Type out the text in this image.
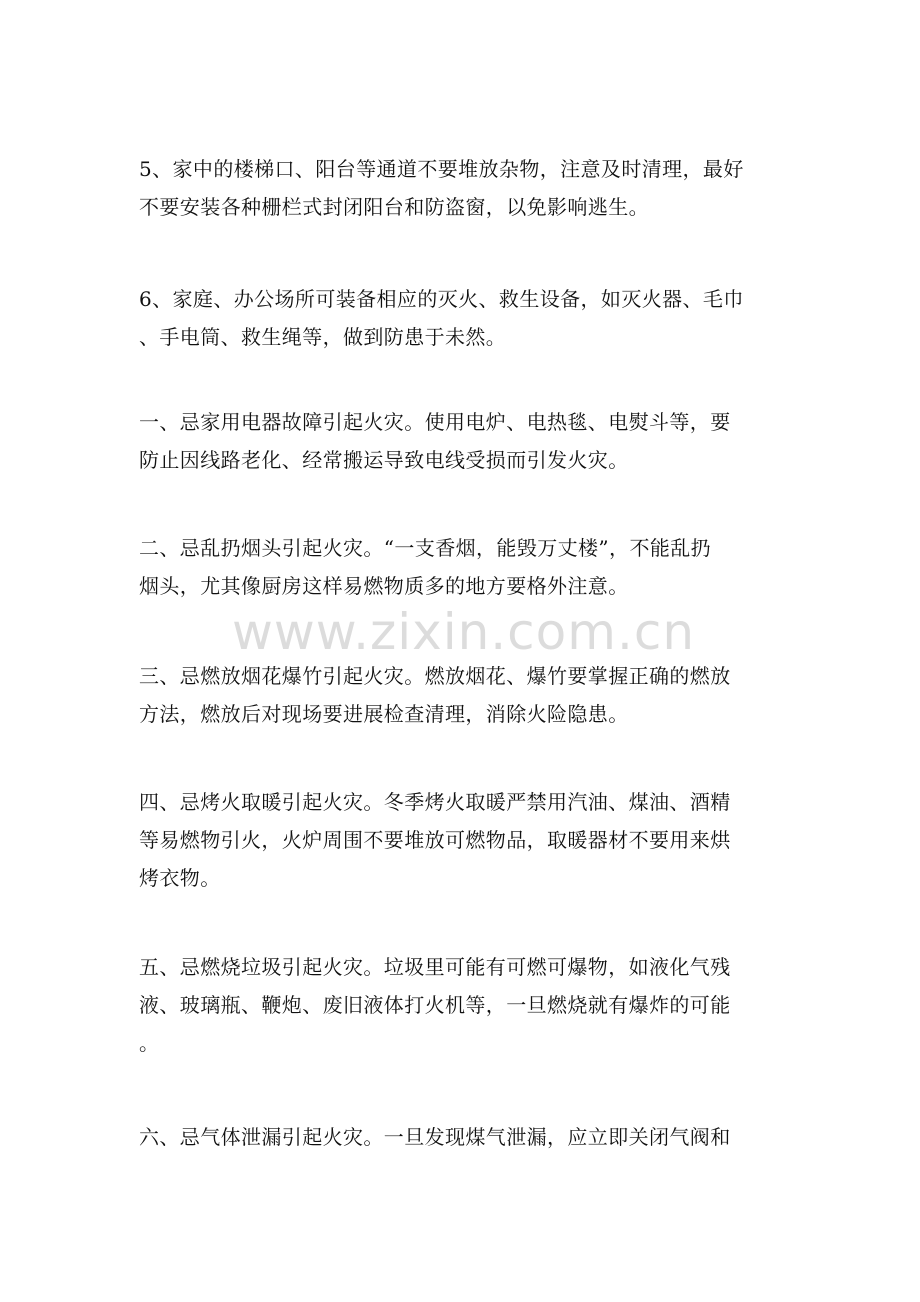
www.zixin.com.cn

5、家中的楼梯口、阳台等通道不要堆放杂物，注意及时清理，最好
不要安装各种栅栏式封闭阳台和防盗窗，以免影响逃生。

6、家庭、办公场所可装备相应的灭火、救生设备，如灭火器、毛巾
、手电筒、救生绳等，做到防患于未然。

一、忌家用电器故障引起火灾。使用电炉、电热毯、电熨斗等，要
防止因线路老化、经常搬运导致电线受损而引发火灾。

二、忌乱扔烟头引起火灾。“一支香烟，能毁万丈楼”，不能乱扔
烟头，尤其像厨房这样易燃物质多的地方要格外注意。

三、忌燃放烟花爆竹引起火灾。燃放烟花、爆竹要掌握正确的燃放
方法，燃放后对现场要进展检查清理，消除火险隐患。

四、忌烤火取暖引起火灾。冬季烤火取暖严禁用汽油、煤油、酒精
等易燃物引火，火炉周围不要堆放可燃物品，取暖器材不要用来烘
烤衣物。

五、忌燃烧垃圾引起火灾。垃圾里可能有可燃可爆物，如液化气残
液、玻璃瓶、鞭炮、废旧液体打火机等，一旦燃烧就有爆炸的可能
。

六、忌气体泄漏引起火灾。一旦发现煤气泄漏，应立即关闭气阀和
